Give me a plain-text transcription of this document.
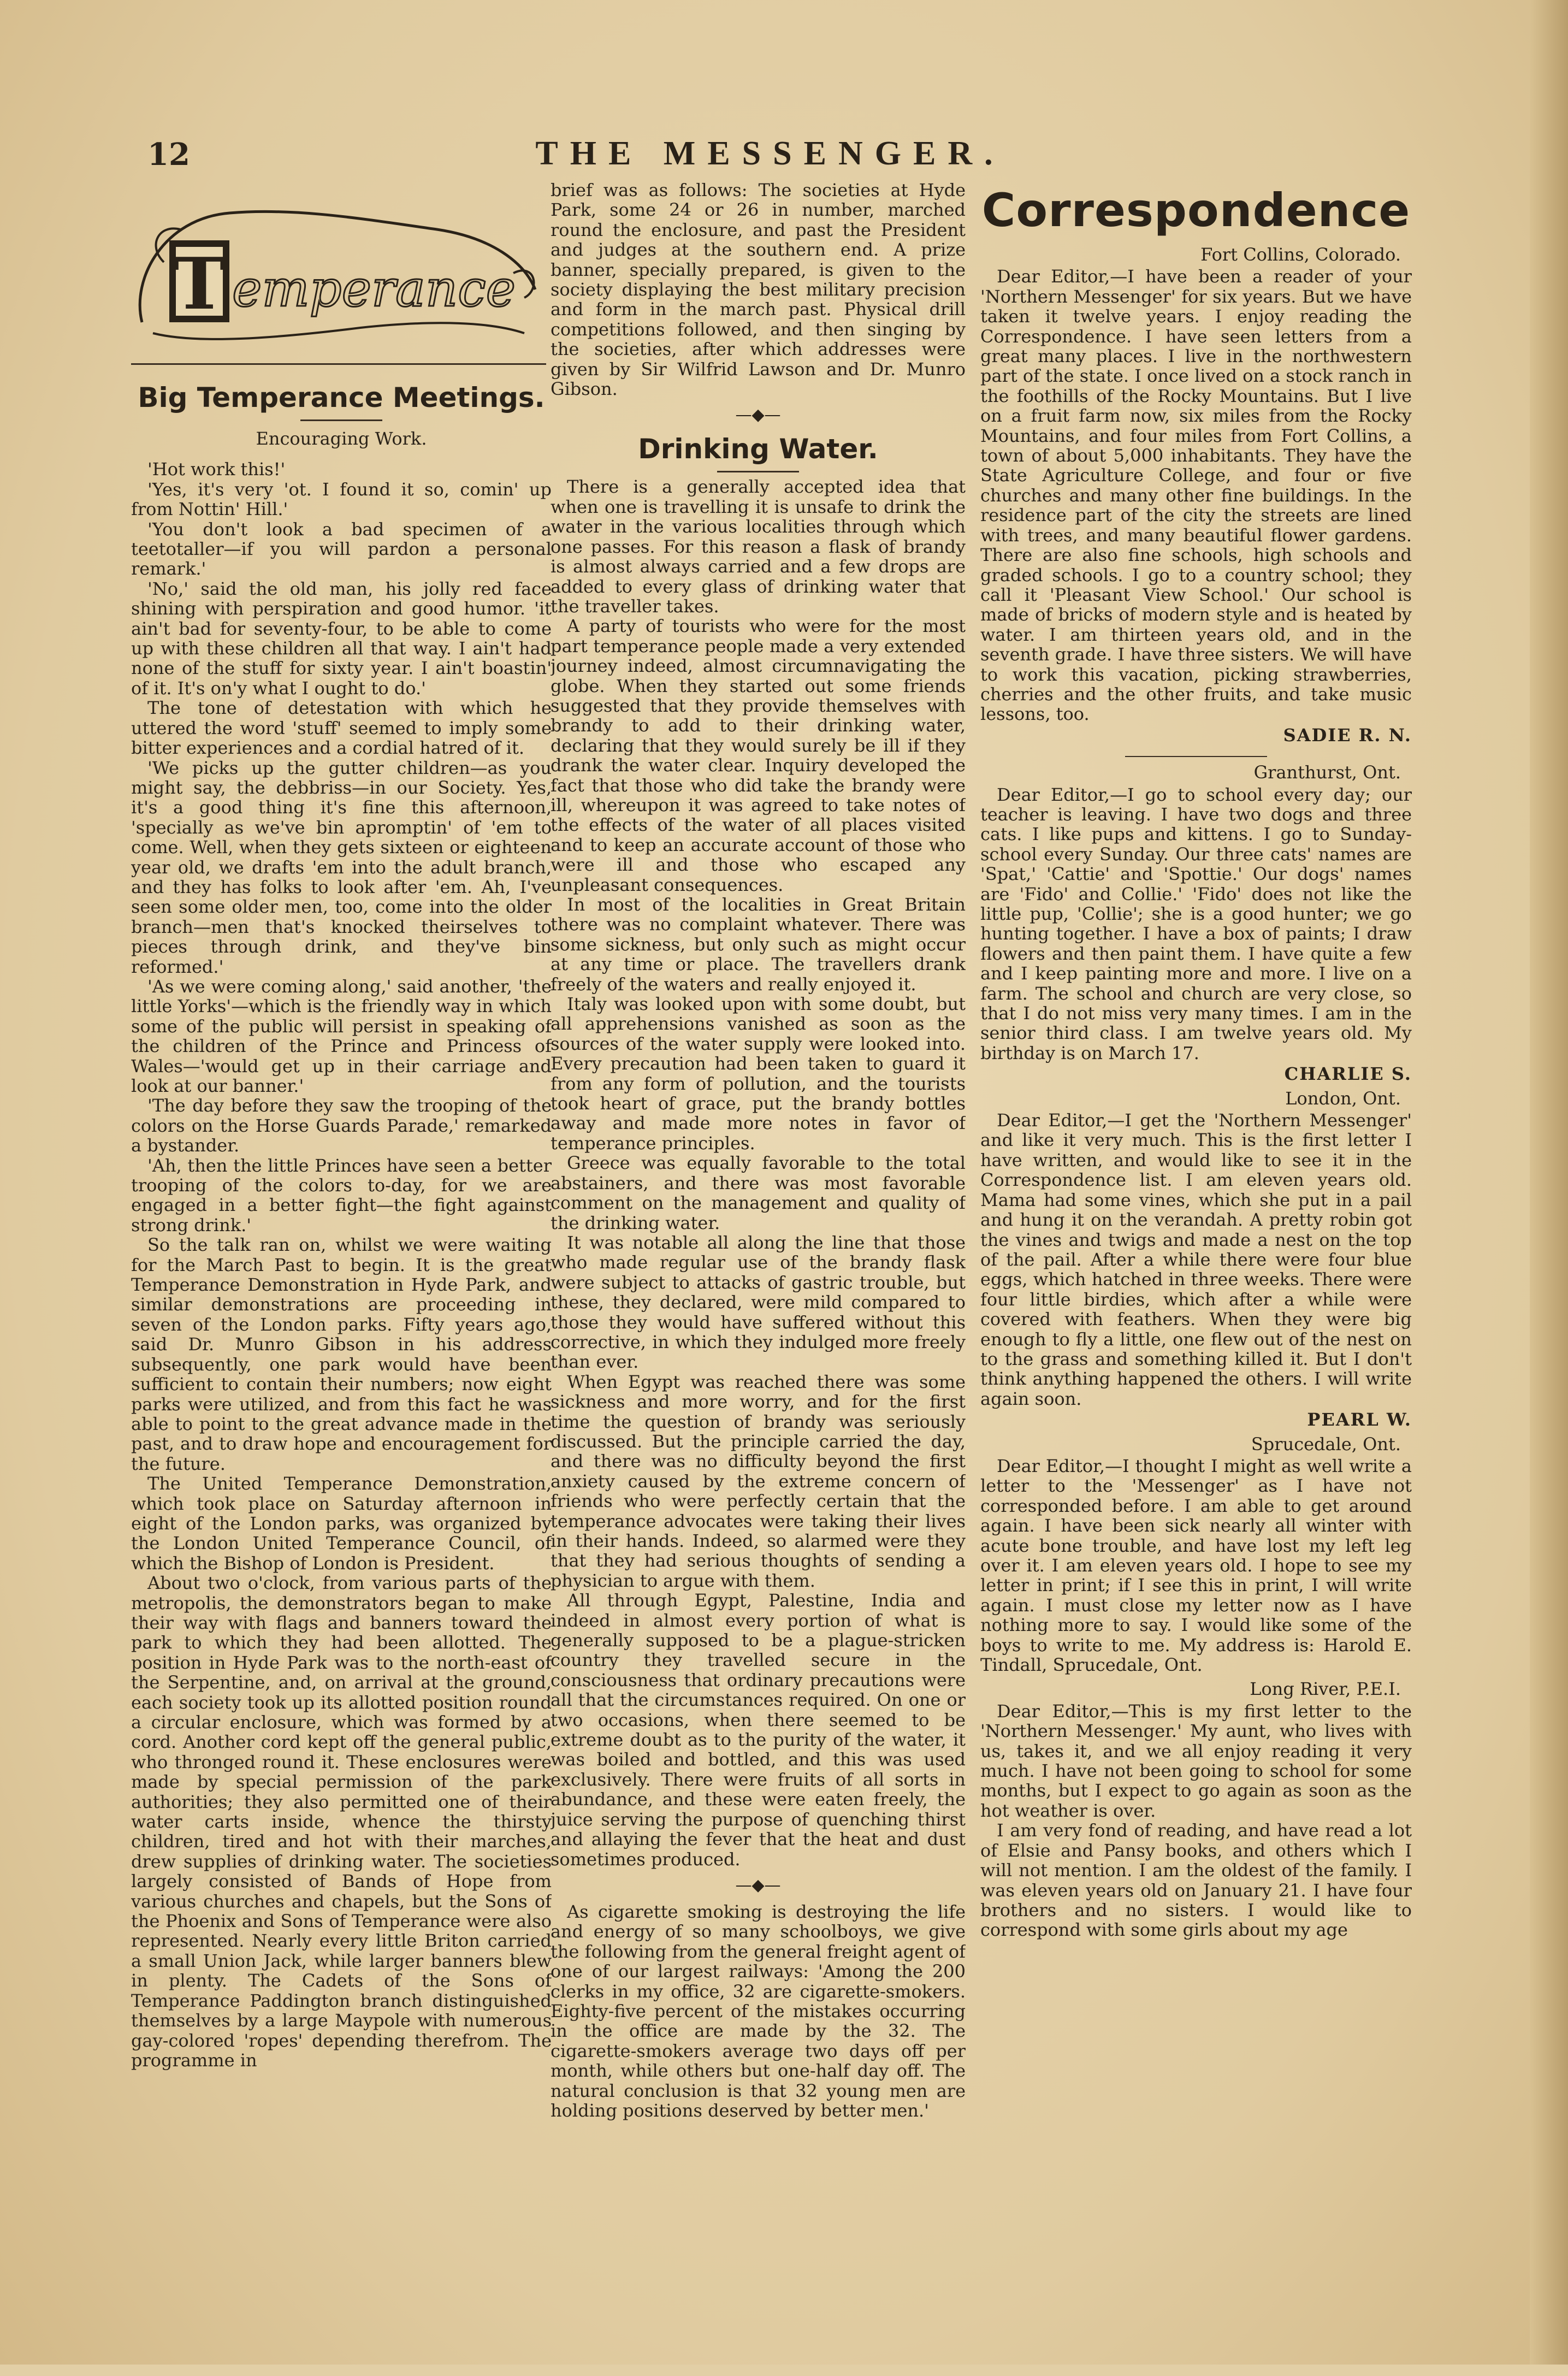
12	THE MESSENGER.
T emperance
Big Temperance Meetings.
Encouraging Work.

'Hot work this!'

'Yes, it's very 'ot. I found it so, comin' up from Nottin' Hill.'

'You don't look a bad specimen of a teetotaller—if you will pardon a personal remark.'

'No,' said the old man, his jolly red face shining with perspiration and good humor. 'it ain't bad for seventy-four, to be able to come up with these children all that way. I ain't had none of the stuff for sixty year. I ain't boastin' of it. It's on'y what I ought to do.'

The tone of detestation with which he uttered the word 'stuff' seemed to imply some bitter experiences and a cordial hatred of it.

'We picks up the gutter children—as you might say, the debbriss—in our Society. Yes, it's a good thing it's fine this afternoon, 'specially as we've bin apromptin' of 'em to come. Well, when they gets sixteen or eighteen year old, we drafts 'em into the adult branch, and they has folks to look after 'em. Ah, I've seen some older men, too, come into the older branch—men that's knocked theirselves to pieces through drink, and they've bin reformed.'

'As we were coming along,' said another, 'the little Yorks'—which is the friendly way in which some of the public will persist in speaking of the children of the Prince and Princess of Wales—'would get up in their carriage and look at our banner.'

'The day before they saw the trooping of the colors on the Horse Guards Parade,' remarked a bystander.

'Ah, then the little Princes have seen a better trooping of the colors to-day, for we are engaged in a better fight—the fight against strong drink.'

So the talk ran on, whilst we were waiting for the March Past to begin. It is the great Temperance Demonstration in Hyde Park, and similar demonstrations are proceeding in seven of the London parks. Fifty years ago, said Dr. Munro Gibson in his address subsequently, one park would have been sufficient to contain their numbers; now eight parks were utilized, and from this fact he was able to point to the great advance made in the past, and to draw hope and encouragement for the future.

The United Temperance Demonstration, which took place on Saturday afternoon in eight of the London parks, was organized by the London United Temperance Council, of which the Bishop of London is President.

About two o'clock, from various parts of the metropolis, the demonstrators began to make their way with flags and banners toward the park to which they had been allotted. The position in Hyde Park was to the north-east of the Serpentine, and, on arrival at the ground, each society took up its allotted position round a circular enclosure, which was formed by a cord. Another cord kept off the general public, who thronged round it. These enclosures were made by special permission of the park authorities; they also permitted one of their water carts inside, whence the thirsty children, tired and hot with their marches, drew supplies of drinking water. The societies largely consisted of Bands of Hope from various churches and chapels, but the Sons of the Phoenix and Sons of Temperance were also represented. Nearly every little Briton carried a small Union Jack, while larger banners blew in plenty. The Cadets of the Sons of Temperance Paddington branch distinguished themselves by a large Maypole with numerous gay-colored 'ropes' depending therefrom. The programme in

brief was as follows: The societies at Hyde Park, some 24 or 26 in number, marched round the enclosure, and past the President and judges at the southern end. A prize banner, specially prepared, is given to the society displaying the best military precision and form in the march past. Physical drill competitions followed, and then singing by the societies, after which addresses were given by Sir Wilfrid Lawson and Dr. Munro Gibson.

—◆—
Drinking Water.

There is a generally accepted idea that when one is travelling it is unsafe to drink the water in the various localities through which one passes. For this reason a flask of brandy is almost always carried and a few drops are added to every glass of drinking water that the traveller takes.

A party of tourists who were for the most part temperance people made a very extended journey indeed, almost circumnavigating the globe. When they started out some friends suggested that they provide themselves with brandy to add to their drinking water, declaring that they would surely be ill if they drank the water clear. Inquiry developed the fact that those who did take the brandy were ill, whereupon it was agreed to take notes of the effects of the water of all places visited and to keep an accurate account of those who were ill and those who escaped any unpleasant consequences.

In most of the localities in Great Britain there was no complaint whatever. There was some sickness, but only such as might occur at any time or place. The travellers drank freely of the waters and really enjoyed it.

Italy was looked upon with some doubt, but all apprehensions vanished as soon as the sources of the water supply were looked into. Every precaution had been taken to guard it from any form of pollution, and the tourists took heart of grace, put the brandy bottles away and made more notes in favor of temperance principles.

Greece was equally favorable to the total abstainers, and there was most favorable comment on the management and quality of the drinking water.

It was notable all along the line that those who made regular use of the brandy flask were subject to attacks of gastric trouble, but these, they declared, were mild compared to those they would have suffered without this corrective, in which they indulged more freely than ever.

When Egypt was reached there was some sickness and more worry, and for the first time the question of brandy was seriously discussed. But the principle carried the day, and there was no difficulty beyond the first anxiety caused by the extreme concern of friends who were perfectly certain that the temperance advocates were taking their lives in their hands. Indeed, so alarmed were they that they had serious thoughts of sending a physician to argue with them.

All through Egypt, Palestine, India and indeed in almost every portion of what is generally supposed to be a plague-stricken country they travelled secure in the consciousness that ordinary precautions were all that the circumstances required. On one or two occasions, when there seemed to be extreme doubt as to the purity of the water, it was boiled and bottled, and this was used exclusively. There were fruits of all sorts in abundance, and these were eaten freely, the juice serving the purpose of quenching thirst and allaying the fever that the heat and dust sometimes produced.

—◆—

As cigarette smoking is destroying the life and energy of so many schoolboys, we give the following from the general freight agent of one of our largest railways: 'Among the 200 clerks in my office, 32 are cigarette-smokers. Eighty-five percent of the mistakes occurring in the office are made by the 32. The cigarette-smokers average two days off per month, while others but one-half day off. The natural conclusion is that 32 young men are holding positions deserved by better men.'

Correspondence
Fort Collins, Colorado.

Dear Editor,—I have been a reader of your 'Northern Messenger' for six years. But we have taken it twelve years. I enjoy reading the Correspondence. I have seen letters from a great many places. I live in the northwestern part of the state. I once lived on a stock ranch in the foothills of the Rocky Mountains. But I live on a fruit farm now, six miles from the Rocky Mountains, and four miles from Fort Collins, a town of about 5,000 inhabitants. They have the State Agriculture College, and four or five churches and many other fine buildings. In the residence part of the city the streets are lined with trees, and many beautiful flower gardens. There are also fine schools, high schools and graded schools. I go to a country school; they call it 'Pleasant View School.' Our school is made of bricks of modern style and is heated by water. I am thirteen years old, and in the seventh grade. I have three sisters. We will have to work this vacation, picking strawberries, cherries and the other fruits, and take music lessons, too.

SADIE R. N.
Granthurst, Ont.

Dear Editor,—I go to school every day; our teacher is leaving. I have two dogs and three cats. I like pups and kittens. I go to Sunday-school every Sunday. Our three cats' names are 'Spat,' 'Cattie' and 'Spottie.' Our dogs' names are 'Fido' and Collie.' 'Fido' does not like the little pup, 'Collie'; she is a good hunter; we go hunting together. I have a box of paints; I draw flowers and then paint them. I have quite a few and I keep painting more and more. I live on a farm. The school and church are very close, so that I do not miss very many times. I am in the senior third class. I am twelve years old. My birthday is on March 17.

CHARLIE S.
London, Ont.

Dear Editor,—I get the 'Northern Messenger' and like it very much. This is the first letter I have written, and would like to see it in the Correspondence list. I am eleven years old. Mama had some vines, which she put in a pail and hung it on the verandah. A pretty robin got the vines and twigs and made a nest on the top of the pail. After a while there were four blue eggs, which hatched in three weeks. There were four little birdies, which after a while were covered with feathers. When they were big enough to fly a little, one flew out of the nest on to the grass and something killed it. But I don't think anything happened the others. I will write again soon.

PEARL W.
Sprucedale, Ont.

Dear Editor,—I thought I might as well write a letter to the 'Messenger' as I have not corresponded before. I am able to get around again. I have been sick nearly all winter with acute bone trouble, and have lost my left leg over it. I am eleven years old. I hope to see my letter in print; if I see this in print, I will write again. I must close my letter now as I have nothing more to say. I would like some of the boys to write to me. My address is: Harold E. Tindall, Sprucedale, Ont.

Long River, P.E.I.

Dear Editor,—This is my first letter to the 'Northern Messenger.' My aunt, who lives with us, takes it, and we all enjoy reading it very much. I have not been going to school for some months, but I expect to go again as soon as the hot weather is over.

I am very fond of reading, and have read a lot of Elsie and Pansy books, and others which I will not mention. I am the oldest of the family. I was eleven years old on January 21. I have four brothers and no sisters. I would like to correspond with some girls about my age
